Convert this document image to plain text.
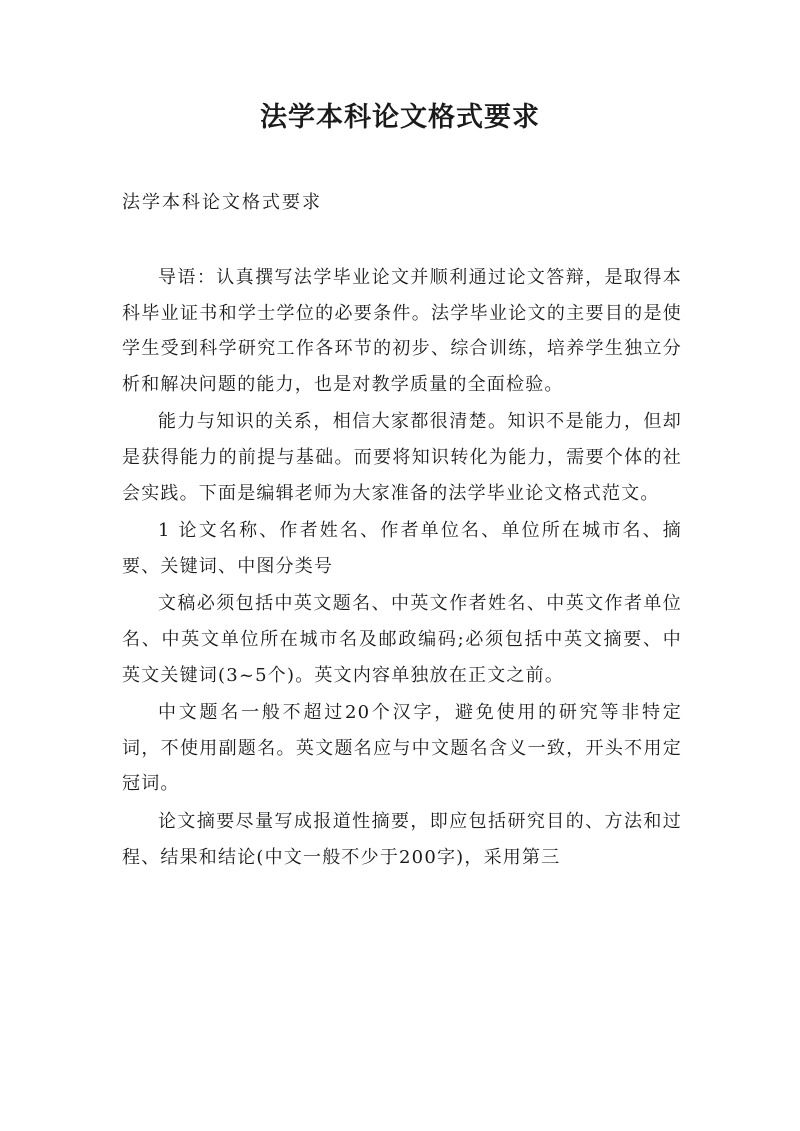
法学本科论文格式要求

法学本科论文格式要求

导语：认真撰写法学毕业论文并顺利通过论文答辩，是取得本科毕业证书和学士学位的必要条件。法学毕业论文的主要目的是使学生受到科学研究工作各环节的初步、综合训练，培养学生独立分析和解决问题的能力，也是对教学质量的全面检验。

能力与知识的关系，相信大家都很清楚。知识不是能力，但却是获得能力的前提与基础。而要将知识转化为能力，需要个体的社会实践。下面是编辑老师为大家准备的法学毕业论文格式范文。

1 论文名称、作者姓名、作者单位名、单位所在城市名、摘要、关键词、中图分类号

文稿必须包括中英文题名、中英文作者姓名、中英文作者单位名、中英文单位所在城市名及邮政编码;必须包括中英文摘要、中英文关键词(3~5个)。英文内容单独放在正文之前。

中文题名一般不超过20个汉字，避免使用的研究等非特定词，不使用副题名。英文题名应与中文题名含义一致，开头不用定冠词。

论文摘要尽量写成报道性摘要，即应包括研究目的、方法和过程、结果和结论(中文一般不少于200字)，采用第三
